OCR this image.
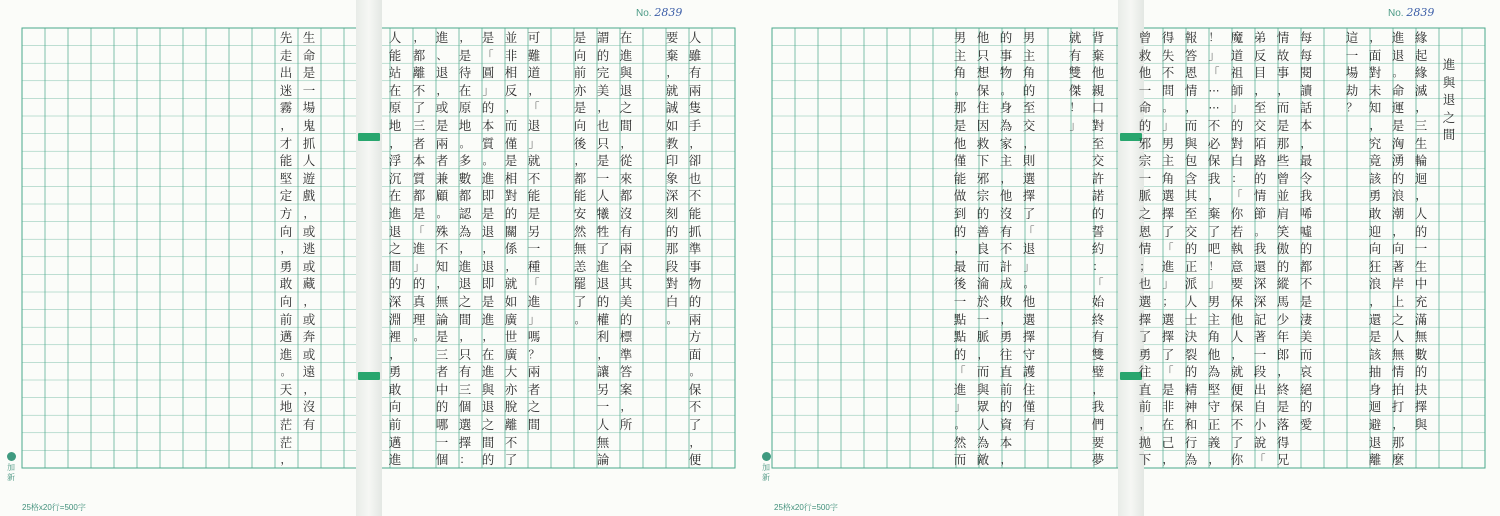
No. 2839
加新
25格x20行=500字
人
雖
有
兩
隻
手
，
卻
也
不
能
抓
準
事
物
的
兩
方
面
。
保
不
了
，
便
要
棄
，
就
誠
如
教
印
象
深
刻
的
那
段
對
白
。
在
進
與
退
之
間
，
從
來
都
沒
有
兩
全
其
美
的
標
準
答
案
，
所
謂
的
完
美
，
也
只
是
一
人
犧
牲
了
進
退
的
權
利
，
讓
另
一
人
無
論
是
向
前
亦
是
向
後
，
都
能
安
然
無
恙
罷
了
。
可
難
道
，
「
退
」
就
不
能
是
另
一
種
「
進
」
嗎
？
兩
者
之
間
並
非
相
反
，
而
僅
是
相
對
的
關
係
，
就
如
廣
世
廣
大
亦
脫
離
不
了
是
「
圓
」
的
本
質
。
進
即
是
退
，
退
即
是
進
，
在
進
與
退
之
間
的
，
是
待
在
原
地
。
多
數
都
認
為
，
進
退
之
間
，
只
有
三
個
選
擇
：
進
、
退
，
或
是
兩
者
兼
顧
。
殊
不
知
，
無
論
是
三
者
中
的
哪
一
個
，
都
離
不
了
三
者
本
質
都
是
「
進
」
的
真
理
。
人
能
站
在
原
地
，
浮
沉
在
進
退
之
間
的
深
淵
裡
，
勇
敢
向
前
邁
進
生
命
是
一
場
鬼
抓
人
遊
戲
，
或
逃
或
藏
，
或
奔
或
遠
，
沒
有
先
走
出
迷
霧
，
才
能
堅
定
方
向
，
勇
敢
向
前
邁
進
。
天
地
茫
茫
，
No. 2839
加新
25格x20行=500字
進
與
退
之
間
緣
起
緣
滅
，
三
生
輪
迴
，
人
的
一
生
中
充
滿
無
數
的
抉
擇
與
進
退
。
命
運
是
洶
湧
的
浪
潮
，
向
著
岸
上
之
人
無
情
拍
打
，
那
麼
，
面
對
未
知
，
究
竟
該
勇
敢
迎
向
狂
浪
，
還
是
該
抽
身
迴
避
退
離
這
一
場
劫
？
每
每
閱
讀
話
本
，
最
令
我
唏
噓
的
都
不
是
淒
美
而
哀
絕
的
愛
情
故
事
，
而
是
那
些
曾
並
肩
笑
傲
的
縱
馬
少
年
郎
，
終
是
落
得
兄
弟
反
目
，
至
交
陌
路
的
情
節
。
我
還
深
深
記
著
一
段
出
自
小
說
「
魔
道
祖
師
」
的
對
白
：
「
你
若
執
意
要
保
他
人
，
就
便
保
不
了
你
！
」
「
⋯
⋯
不
必
保
我
，
棄
了
吧
！
」
男
主
角
他
為
堅
守
正
義
，
報
答
恩
情
，
而
與
包
含
其
至
交
的
正
派
人
士
決
裂
的
精
神
和
行
為
得
失
不
問
。
」
男
主
角
選
擇
了
「
進
」
；
選
擇
了
「
是
非
在
己
，
曾
救
他
一
命
的
邪
宗
一
脈
之
恩
情
；
也
選
擇
了
勇
往
直
前
，
拋
下
背
棄
他
親
口
對
至
交
許
諾
的
誓
約
：
「
始
終
有
雙
璧
，
我
們
要
夢
就
有
雙
傑
！
」
男
主
角
的
至
交
，
則
選
擇
了
「
退
」
。
他
選
擇
守
護
住
僅
有
的
事
物
。
身
為
家
主
，
他
沒
有
不
計
成
敗
，
勇
往
直
前
的
資
本
，
他
只
想
保
住
因
救
下
邪
宗
的
善
良
而
淪
於
一
脈
，
而
與
眾
人
為
敵
男
主
角
。
那
是
他
僅
能
做
到
的
，
最
後
一
點
點
的
「
進
」
。
然
而
